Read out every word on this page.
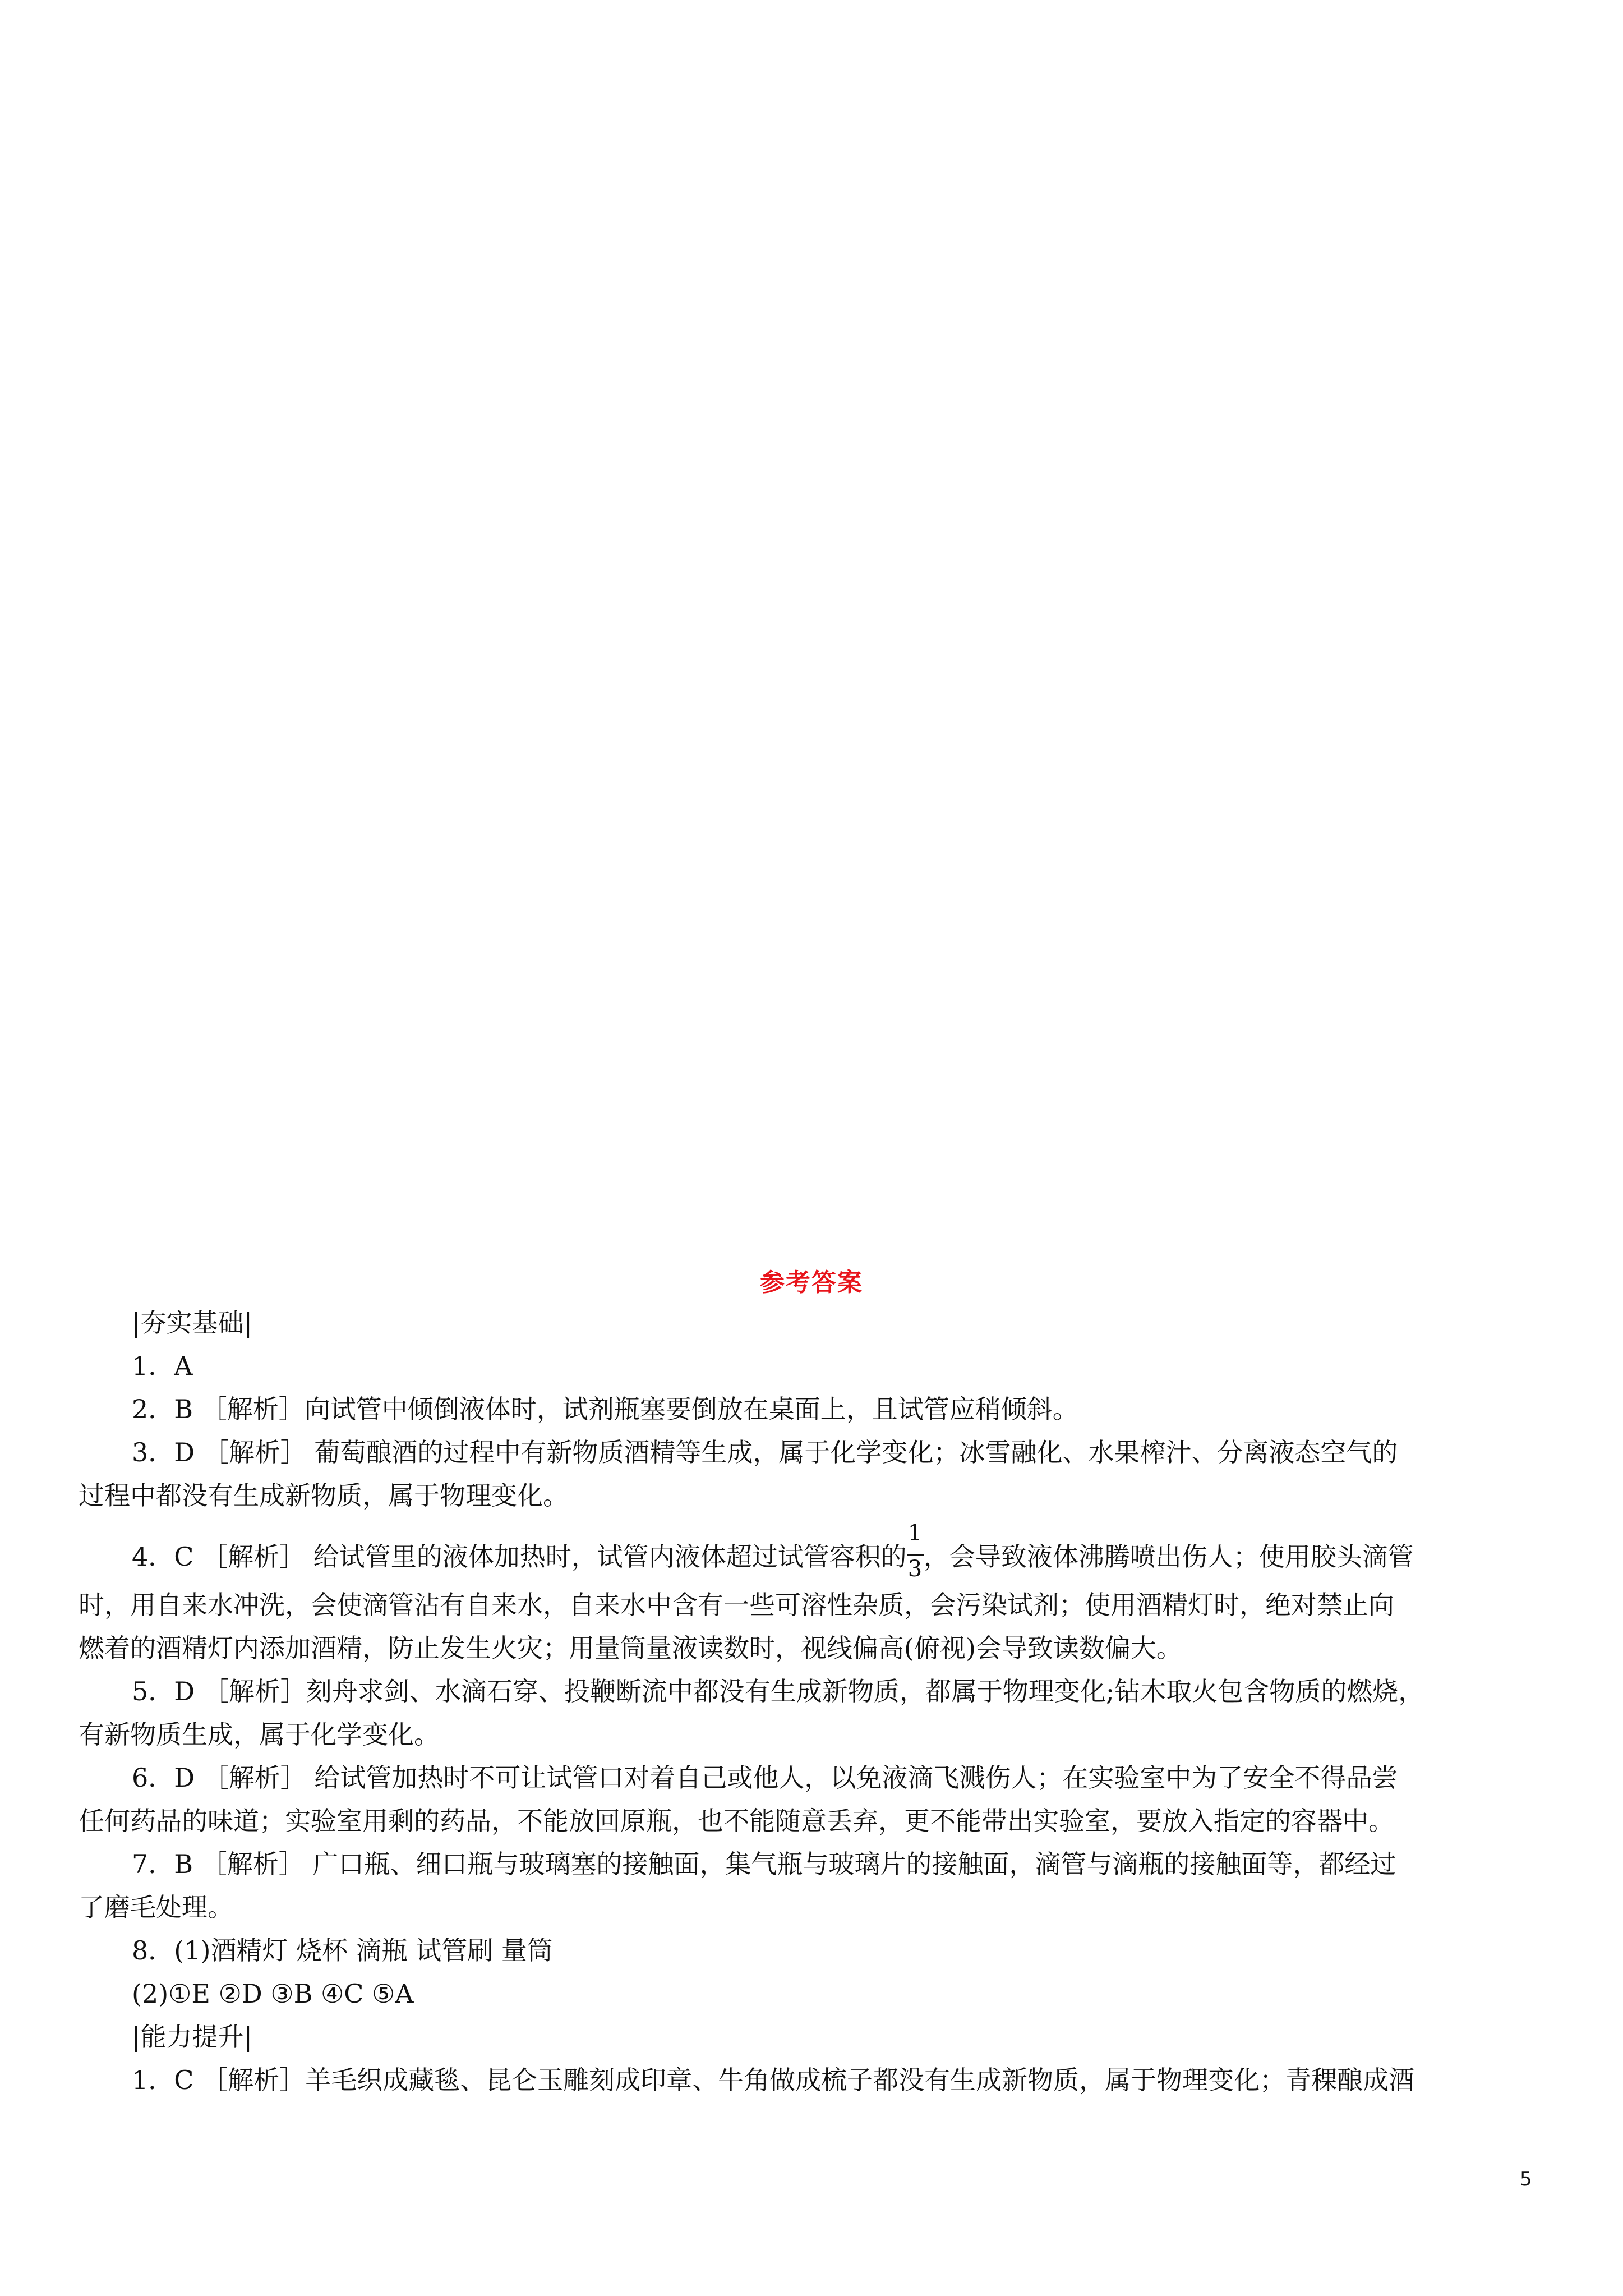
参考答案
|夯实基础|
1．A
2．B ［解析］向试管中倾倒液体时，试剂瓶塞要倒放在桌面上，且试管应稍倾斜。
3．D ［解析］ 葡萄酿酒的过程中有新物质酒精等生成，属于化学变化；冰雪融化、水果榨汁、分离液态空气的
过程中都没有生成新物质，属于物理变化。
4．C ［解析］ 给试管里的液体加热时，试管内液体超过试管容积的 $\frac{1}{3}$ ，会导致液体沸腾喷出伤人；使用胶头滴管
时，用自来水冲洗，会使滴管沾有自来水，自来水中含有一些可溶性杂质，会污染试剂；使用酒精灯时，绝对禁止向
燃着的酒精灯内添加酒精，防止发生火灾；用量筒量液读数时，视线偏高(俯视)会导致读数偏大。
5．D ［解析］刻舟求剑、水滴石穿、投鞭断流中都没有生成新物质，都属于物理变化;钻木取火包含物质的燃烧，
有新物质生成，属于化学变化。
6．D ［解析］ 给试管加热时不可让试管口对着自己或他人，以免液滴飞溅伤人；在实验室中为了安全不得品尝
任何药品的味道；实验室用剩的药品，不能放回原瓶，也不能随意丢弃，更不能带出实验室，要放入指定的容器中。
7．B ［解析］ 广口瓶、细口瓶与玻璃塞的接触面，集气瓶与玻璃片的接触面，滴管与滴瓶的接触面等，都经过
了磨毛处理。
8．(1)酒精灯 烧杯 滴瓶 试管刷 量筒
(2)①E ②D ③B ④C ⑤A
|能力提升|
1．C ［解析］羊毛织成藏毯、昆仑玉雕刻成印章、牛角做成梳子都没有生成新物质，属于物理变化；青稞酿成酒
5
